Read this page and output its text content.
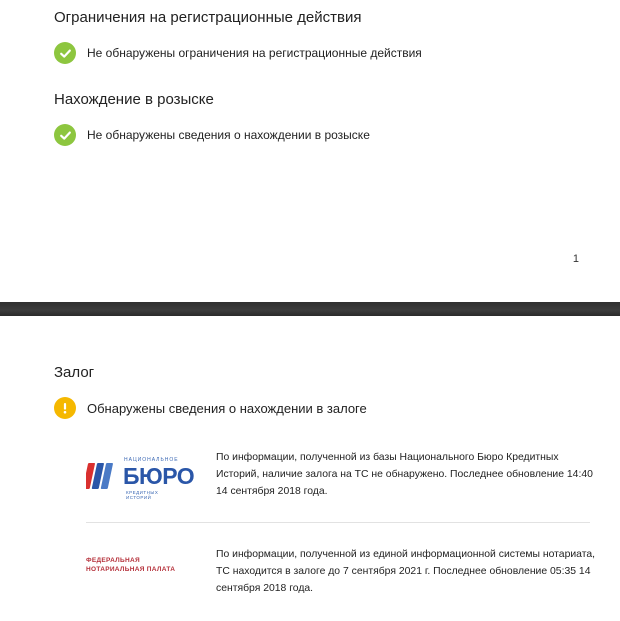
Ограничения на регистрационные действия
Не обнаружены ограничения на регистрационные действия
Нахождение в розыске
Не обнаружены сведения о нахождении в розыске
1
Залог
Обнаружены сведения о нахождении в залоге
НАЦИОНАЛЬНОЕ
БЮРО
КРЕДИТНЫХ ИСТОРИЙ
По информации, полученной из базы Национального Бюро Кредитных Историй, наличие залога на ТС не обнаружено. Последнее обновление 14:40 14 сентября 2018 года.
ФЕДЕРАЛЬНАЯ
НОТАРИАЛЬНАЯ ПАЛАТА
По информации, полученной из единой информационной системы нотариата, ТС находится в залоге до 7 сентября 2021 г. Последнее обновление 05:35 14 сентября 2018 года.
